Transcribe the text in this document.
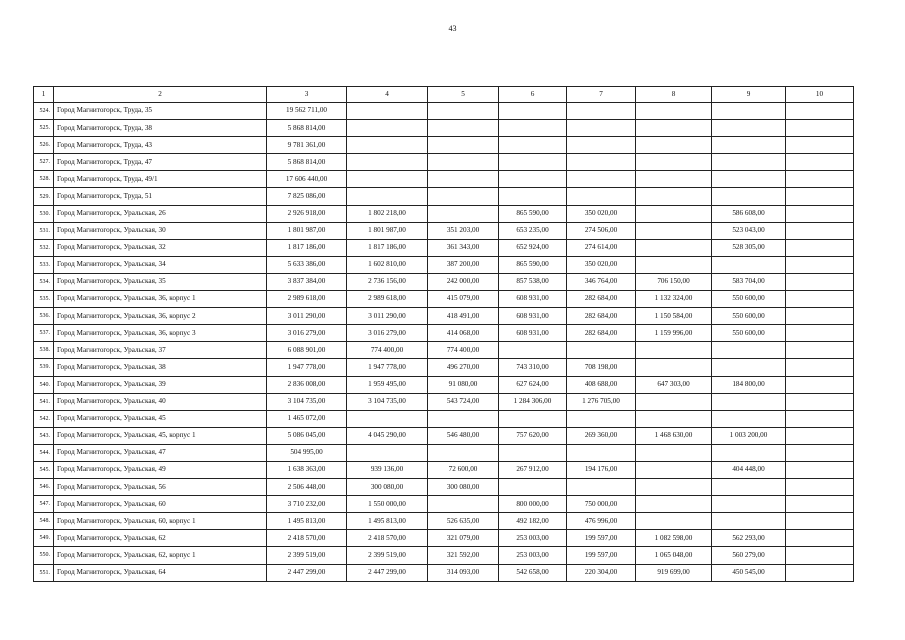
43
1	2	3	4	5	6	7	8	9	10
524.	Город Магнитогорск, Труда, 35	19 562 711,00							
525.	Город Магнитогорск, Труда, 38	5 868 814,00							
526.	Город Магнитогорск, Труда, 43	9 781 361,00							
527.	Город Магнитогорск, Труда, 47	5 868 814,00							
528.	Город Магнитогорск, Труда, 49/1	17 606 440,00							
529.	Город Магнитогорск, Труда, 51	7 825 086,00							
530.	Город Магнитогорск, Уральская, 26	2 926 918,00	1 802 218,00		865 590,00	350 020,00		586 608,00	
531.	Город Магнитогорск, Уральская, 30	1 801 987,00	1 801 987,00	351 203,00	653 235,00	274 506,00		523 043,00	
532.	Город Магнитогорск, Уральская, 32	1 817 186,00	1 817 186,00	361 343,00	652 924,00	274 614,00		528 305,00	
533.	Город Магнитогорск, Уральская, 34	5 633 386,00	1 602 810,00	387 200,00	865 590,00	350 020,00			
534.	Город Магнитогорск, Уральская, 35	3 837 384,00	2 736 156,00	242 000,00	857 538,00	346 764,00	706 150,00	583 704,00	
535.	Город Магнитогорск, Уральская, 36, корпус 1	2 989 618,00	2 989 618,00	415 079,00	608 931,00	282 684,00	1 132 324,00	550 600,00	
536.	Город Магнитогорск, Уральская, 36, корпус 2	3 011 290,00	3 011 290,00	418 491,00	608 931,00	282 684,00	1 150 584,00	550 600,00	
537.	Город Магнитогорск, Уральская, 36, корпус 3	3 016 279,00	3 016 279,00	414 068,00	608 931,00	282 684,00	1 159 996,00	550 600,00	
538.	Город Магнитогорск, Уральская, 37	6 088 901,00	774 400,00	774 400,00					
539.	Город Магнитогорск, Уральская, 38	1 947 778,00	1 947 778,00	496 270,00	743 310,00	708 198,00			
540.	Город Магнитогорск, Уральская, 39	2 836 008,00	1 959 495,00	91 080,00	627 624,00	408 688,00	647 303,00	184 800,00	
541.	Город Магнитогорск, Уральская, 40	3 104 735,00	3 104 735,00	543 724,00	1 284 306,00	1 276 705,00			
542.	Город Магнитогорск, Уральская, 45	1 465 072,00							
543.	Город Магнитогорск, Уральская, 45, корпус 1	5 086 045,00	4 045 290,00	546 480,00	757 620,00	269 360,00	1 468 630,00	1 003 200,00	
544.	Город Магнитогорск, Уральская, 47	504 995,00							
545.	Город Магнитогорск, Уральская, 49	1 638 363,00	939 136,00	72 600,00	267 912,00	194 176,00		404 448,00	
546.	Город Магнитогорск, Уральская, 56	2 506 448,00	300 080,00	300 080,00					
547.	Город Магнитогорск, Уральская, 60	3 710 232,00	1 550 000,00		800 000,00	750 000,00			
548.	Город Магнитогорск, Уральская, 60, корпус 1	1 495 813,00	1 495 813,00	526 635,00	492 182,00	476 996,00			
549.	Город Магнитогорск, Уральская, 62	2 418 570,00	2 418 570,00	321 079,00	253 003,00	199 597,00	1 082 598,00	562 293,00	
550.	Город Магнитогорск, Уральская, 62, корпус 1	2 399 519,00	2 399 519,00	321 592,00	253 003,00	199 597,00	1 065 048,00	560 279,00	
551.	Город Магнитогорск, Уральская, 64	2 447 299,00	2 447 299,00	314 093,00	542 658,00	220 304,00	919 699,00	450 545,00	
